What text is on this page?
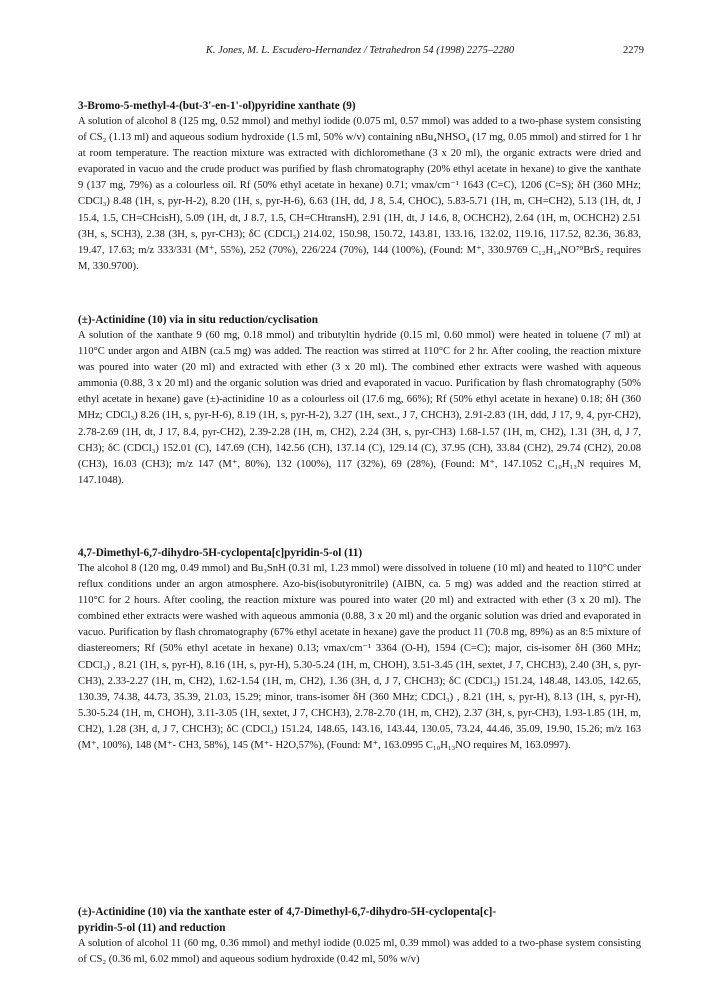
K. Jones, M. L. Escudero-Hernandez / Tetrahedron 54 (1998) 2275–2280	2279

3-Bromo-5-methyl-4-(but-3'-en-1'-ol)pyridine xanthate (9)

A solution of alcohol 8 (125 mg, 0.52 mmol) and methyl iodide (0.075 ml, 0.57 mmol) was added to a two-phase system consisting of CS₂ (1.13 ml) and aqueous sodium hydroxide (1.5 ml, 50% w/v) containing nBu₄NHSO₄ (17 mg, 0.05 mmol) and stirred for 1 hr at room temperature. The reaction mixture was extracted with dichloromethane (3 x 20 ml), the organic extracts were dried and evaporated in vacuo and the crude product was purified by flash chromatography (20% ethyl acetate in hexane) to give the xanthate 9 (137 mg, 79%) as a colourless oil. Rf (50% ethyl acetate in hexane) 0.71; νmax/cm⁻¹ 1643 (C=C), 1206 (C=S); δH (360 MHz; CDCl₃) 8.48 (1H, s, pyr-H-2), 8.20 (1H, s, pyr-H-6), 6.63 (1H, dd, J 8, 5.4, CHOC), 5.83-5.71 (1H, m, CH=CH2), 5.13 (1H, dt, J 15.4, 1.5, CH=CHcisH), 5.09 (1H, dt, J 8.7, 1.5, CH=CHtransH), 2.91 (1H, dt, J 14.6, 8, OCHCH2), 2.64 (1H, m, OCHCH2) 2.51 (3H, s, SCH3), 2.38 (3H, s, pyr-CH3); δC (CDCl₃) 214.02, 150.98, 150.72, 143.81, 133.16, 132.02, 119.16, 117.52, 82.36, 36.83, 19.47, 17.63; m/z 333/331 (M⁺, 55%), 252 (70%), 226/224 (70%), 144 (100%), (Found: M⁺, 330.9769 C₁₂H₁₄NO⁷⁹BrS₂ requires M, 330.9700).

(±)-Actinidine (10) via in situ reduction/cyclisation

A solution of the xanthate 9 (60 mg, 0.18 mmol) and tributyltin hydride (0.15 ml, 0.60 mmol) were heated in toluene (7 ml) at 110°C under argon and AIBN (ca.5 mg) was added. The reaction was stirred at 110°C for 2 hr. After cooling, the reaction mixture was poured into water (20 ml) and extracted with ether (3 x 20 ml). The combined ether extracts were washed with aqueous ammonia (0.88, 3 x 20 ml) and the organic solution was dried and evaporated in vacuo. Purification by flash chromatography (50% ethyl acetate in hexane) gave (±)-actinidine 10 as a colourless oil (17.6 mg, 66%); Rf (50% ethyl acetate in hexane) 0.18; δH (360 MHz; CDCl₃) 8.26 (1H, s, pyr-H-6), 8.19 (1H, s, pyr-H-2), 3.27 (1H, sext., J 7, CHCH3), 2.91-2.83 (1H, ddd, J 17, 9, 4, pyr-CH2), 2.78-2.69 (1H, dt, J 17, 8.4, pyr-CH2), 2.39-2.28 (1H, m, CH2), 2.24 (3H, s, pyr-CH3) 1.68-1.57 (1H, m, CH2), 1.31 (3H, d, J 7, CH3); δC (CDCl₃) 152.01 (C), 147.69 (CH), 142.56 (CH), 137.14 (C), 129.14 (C), 37.95 (CH), 33.84 (CH2), 29.74 (CH2), 20.08 (CH3), 16.03 (CH3); m/z 147 (M⁺, 80%), 132 (100%), 117 (32%), 69 (28%), (Found: M⁺, 147.1052 C₁₀H₁₃N requires M, 147.1048).

4,7-Dimethyl-6,7-dihydro-5H-cyclopenta[c]pyridin-5-ol (11)

The alcohol 8 (120 mg, 0.49 mmol) and Bu₃SnH (0.31 ml, 1.23 mmol) were dissolved in toluene (10 ml) and heated to 110°C under reflux conditions under an argon atmosphere. Azo-bis(isobutyronitrile) (AIBN, ca. 5 mg) was added and the reaction stirred at 110°C for 2 hours. After cooling, the reaction mixture was poured into water (20 ml) and extracted with ether (3 x 20 ml). The combined ether extracts were washed with aqueous ammonia (0.88, 3 x 20 ml) and the organic solution was dried and evaporated in vacuo. Purification by flash chromatography (67% ethyl acetate in hexane) gave the product 11 (70.8 mg, 89%) as an 8:5 mixture of diastereomers; Rf (50% ethyl acetate in hexane) 0.13; νmax/cm⁻¹ 3364 (O-H), 1594 (C=C); major, cis-isomer δH (360 MHz; CDCl₃) , 8.21 (1H, s, pyr-H), 8.16 (1H, s, pyr-H), 5.30-5.24 (1H, m, CHOH), 3.51-3.45 (1H, sextet, J 7, CHCH3), 2.40 (3H, s, pyr-CH3), 2.33-2.27 (1H, m, CH2), 1.62-1.54 (1H, m, CH2), 1.36 (3H, d, J 7, CHCH3); δC (CDCl₃) 151.24, 148.48, 143.05, 142.65, 130.39, 74.38, 44.73, 35.39, 21.03, 15.29; minor, trans-isomer δH (360 MHz; CDCl₃) , 8.21 (1H, s, pyr-H), 8.13 (1H, s, pyr-H), 5.30-5.24 (1H, m, CHOH), 3.11-3.05 (1H, sextet, J 7, CHCH3), 2.78-2.70 (1H, m, CH2), 2.37 (3H, s, pyr-CH3), 1.93-1.85 (1H, m, CH2), 1.28 (3H, d, J 7, CHCH3); δC (CDCl₃) 151.24, 148.65, 143.16, 143.44, 130.05, 73.24, 44.46, 35.09, 19.90, 15.26; m/z 163 (M⁺, 100%), 148 (M⁺- CH3, 58%), 145 (M⁺- H2O,57%), (Found: M⁺, 163.0995 C₁₀H₁₃NO requires M, 163.0997).

(±)-Actinidine (10) via the xanthate ester of 4,7-Dimethyl-6,7-dihydro-5H-cyclopenta[c]-

pyridin-5-ol (11) and reduction

A solution of alcohol 11 (60 mg, 0.36 mmol) and methyl iodide (0.025 ml, 0.39 mmol) was added to a two-phase system consisting of CS₂ (0.36 ml, 6.02 mmol) and aqueous sodium hydroxide (0.42 ml, 50% w/v)
